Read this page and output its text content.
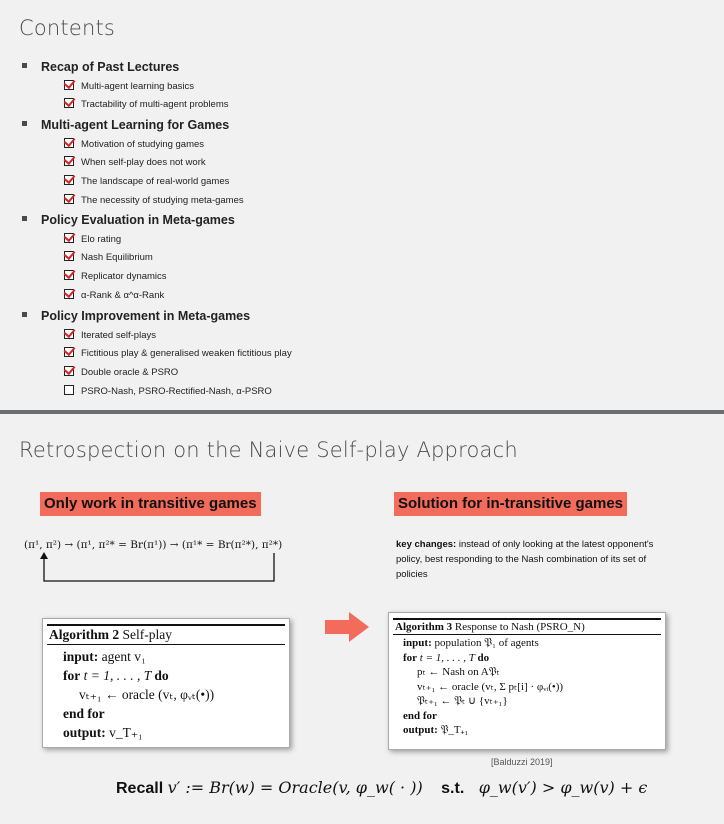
Contents
Recap of Past Lectures
Multi-agent learning basics
Tractability of multi-agent problems
Multi-agent Learning for Games
Motivation of studying games
When self-play does not work
The landscape of real-world games
The necessity of studying meta-games
Policy Evaluation in Meta-games
Elo rating
Nash Equilibrium
Replicator dynamics
α-Rank & α^α-Rank
Policy Improvement in Meta-games
Iterated self-plays
Fictitious play & generalised weaken fictitious play
Double oracle & PSRO
PSRO-Nash, PSRO-Rectified-Nash, α-PSRO
Retrospection on the Naive Self-play Approach
Only work in transitive games	Solution for in-transitive games
(π¹, π²) → (π¹, π²* = Br(π¹)) → (π¹* = Br(π²*), π²*)	key changes: instead of only looking at the latest opponent's policy, best responding to the Nash combination of its set of policies
Algorithm 2 Self-play
input: agent v₁
for t = 1, . . . , T do
vₜ₊₁ ← oracle (vₜ, φᵥₜ(•))
end for
output: v_T₊₁
Algorithm 3 Response to Nash (PSRO_N)
input: population 𝔓₁ of agents
for t = 1, . . . , T do
pₜ ← Nash on A𝔓ₜ
vₜ₊₁ ← oracle (vₜ, Σ pₜ[i] · φᵥᵢ(•))
𝔓ₜ₊₁ ← 𝔓ₜ ∪ {vₜ₊₁}
end for
output: 𝔓_T₊₁
[Balduzzi 2019]
Recall v′ := Br(w) = Oracle(v, φ_w( · )) s.t. φ_w(v′) > φ_w(v) + ϵ
